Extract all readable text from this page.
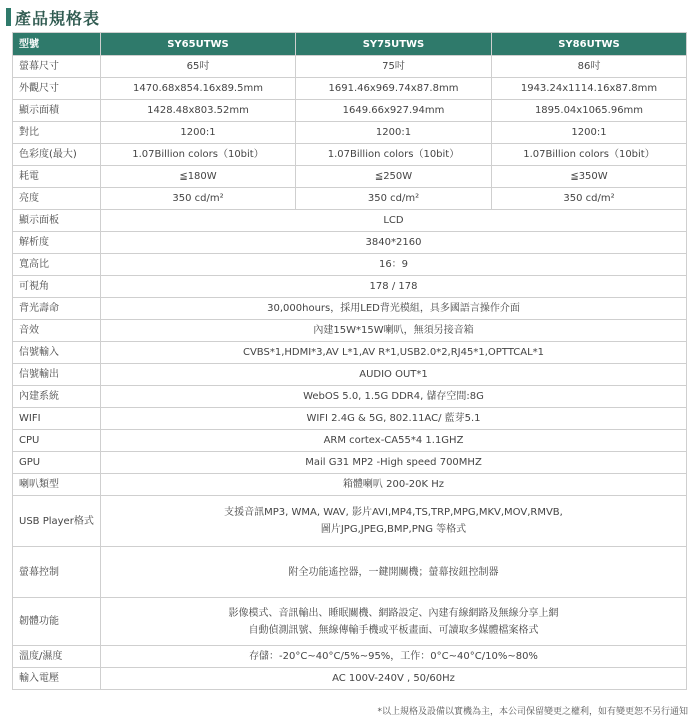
產品規格表
型號	SY65UTWS	SY75UTWS	SY86UTWS
螢幕尺寸	65吋	75吋	86吋
外觀尺寸	1470.68x854.16x89.5mm	1691.46x969.74x87.8mm	1943.24x1114.16x87.8mm
顯示面積	1428.48x803.52mm	1649.66x927.94mm	1895.04x1065.96mm
對比	1200:1	1200:1	1200:1
色彩度(最大)	1.07Billion colors（10bit）	1.07Billion colors（10bit）	1.07Billion colors（10bit）
耗電	≦180W	≦250W	≦350W
亮度	350 cd/m²	350 cd/m²	350 cd/m²
顯示面板	LCD		
解析度	3840*2160		
寬高比	16：9		
可視角	178 / 178		
背光壽命	30,000hours，採用LED背光模組，具多國語言操作介面		
音效	內建15W*15W喇叭，無須另接音箱		
信號輸入	CVBS*1,HDMI*3,AV L*1,AV R*1,USB2.0*2,RJ45*1,OPTTCAL*1		
信號輸出	AUDIO OUT*1		
內建系統	WebOS 5.0, 1.5G DDR4, 儲存空間:8G		
WIFI	WIFI 2.4G & 5G, 802.11AC/ 藍芽5.1		
CPU	ARM cortex-CA55*4 1.1GHZ		
GPU	Mail G31 MP2 -High speed 700MHZ		
喇叭類型	箱體喇叭 200-20K Hz		
USB Player格式	支援音訊MP3, WMA, WAV, 影片AVI,MP4,TS,TRP,MPG,MKV,MOV,RMVB,
圖片JPG,JPEG,BMP,PNG 等格式		

螢幕控制	附全功能遙控器，一鍵開關機；螢幕按鈕控制器		
韌體功能	影像模式、音訊輸出、睡眠關機、網路設定、內建有線網路及無線分享上網
自動偵測訊號、無線傳輸手機或平板畫面、可讀取多媒體檔案格式		

溫度/濕度	存儲：-20°C~40°C/5%~95%，工作：0°C~40°C/10%~80%		
輸入電壓	AC 100V-240V , 50/60Hz		
*以上規格及設備以實機為主，本公司保留變更之權利，如有變更恕不另行通知
